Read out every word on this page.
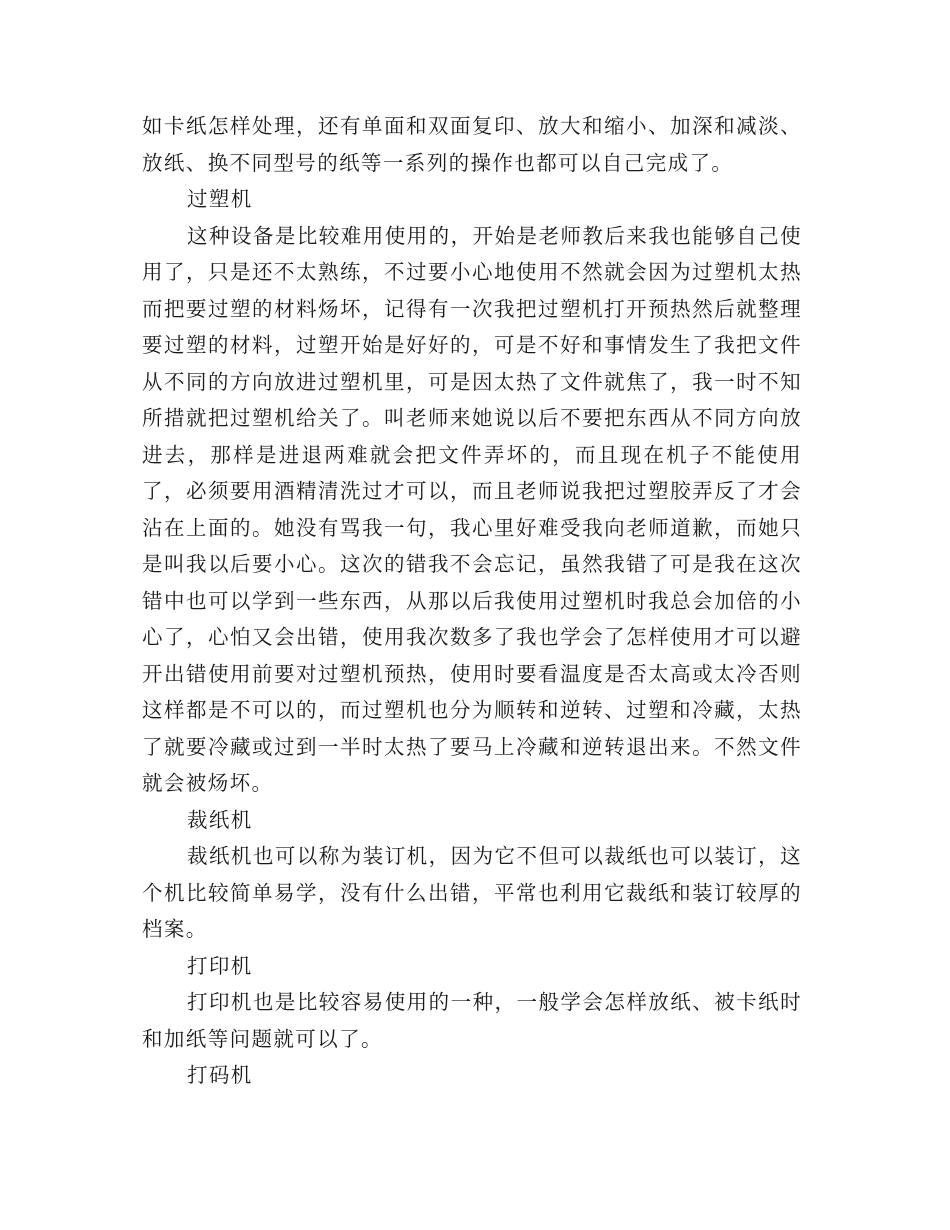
如卡纸怎样处理，还有单面和双面复印、放大和缩小、加深和减淡、放纸、换不同型号的纸等一系列的操作也都可以自己完成了。

过塑机

这种设备是比较难用使用的，开始是老师教后来我也能够自己使用了，只是还不太熟练，不过要小心地使用不然就会因为过塑机太热而把要过塑的材料炀坏，记得有一次我把过塑机打开预热然后就整理要过塑的材料，过塑开始是好好的，可是不好和事情发生了我把文件从不同的方向放进过塑机里，可是因太热了文件就焦了，我一时不知所措就把过塑机给关了。叫老师来她说以后不要把东西从不同方向放进去，那样是进退两难就会把文件弄坏的，而且现在机子不能使用了，必须要用酒精清洗过才可以，而且老师说我把过塑胶弄反了才会沾在上面的。她没有骂我一句，我心里好难受我向老师道歉，而她只是叫我以后要小心。这次的错我不会忘记，虽然我错了可是我在这次错中也可以学到一些东西，从那以后我使用过塑机时我总会加倍的小心了，心怕又会出错，使用我次数多了我也学会了怎样使用才可以避开出错使用前要对过塑机预热，使用时要看温度是否太高或太冷否则这样都是不可以的，而过塑机也分为顺转和逆转、过塑和冷藏，太热了就要冷藏或过到一半时太热了要马上冷藏和逆转退出来。不然文件就会被炀坏。

裁纸机

裁纸机也可以称为装订机，因为它不但可以裁纸也可以装订，这个机比较简单易学，没有什么出错，平常也利用它裁纸和装订较厚的档案。

打印机

打印机也是比较容易使用的一种，一般学会怎样放纸、被卡纸时和加纸等问题就可以了。

打码机
